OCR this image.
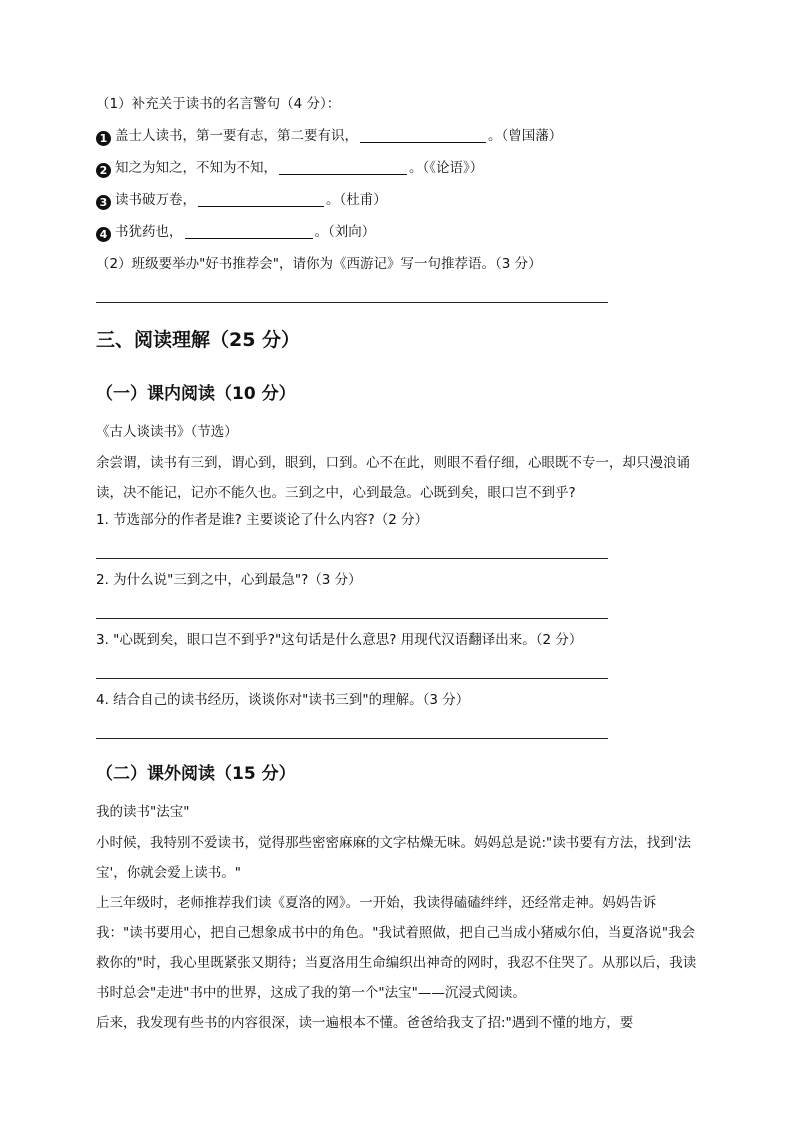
（1）补充关于读书的名言警句（4 分）：
1 盖士人读书，第一要有志，第二要有识，	。（曾国藩）
2 知之为知之，不知为不知，	。（《论语》）
3 读书破万卷，	。（杜甫）
4 书犹药也，	。（刘向）
（2）班级要举办"好书推荐会"，请你为《西游记》写一句推荐语。（3 分）
三、阅读理解（25 分）
（一）课内阅读（10 分）
《古人谈读书》（节选）
余尝谓，读书有三到，谓心到，眼到，口到。心不在此，则眼不看仔细，心眼既不专一，却只漫浪诵读，决不能记，记亦不能久也。三到之中，心到最急。心既到矣，眼口岂不到乎?
1. 节选部分的作者是谁? 主要谈论了什么内容?（2 分）
2. 为什么说"三到之中，心到最急"?（3 分）
3. "心既到矣，眼口岂不到乎?"这句话是什么意思? 用现代汉语翻译出来。（2 分）
4. 结合自己的读书经历，谈谈你对"读书三到"的理解。（3 分）
（二）课外阅读（15 分）
我的读书"法宝"
小时候，我特别不爱读书，觉得那些密密麻麻的文字枯燥无味。妈妈总是说:"读书要有方法，找到'法宝'，你就会爱上读书。"
上三年级时，老师推荐我们读《夏洛的网》。一开始，我读得磕磕绊绊，还经常走神。妈妈告诉我："读书要用心，把自己想象成书中的角色。"我试着照做，把自己当成小猪威尔伯，当夏洛说"我会救你的"时，我心里既紧张又期待；当夏洛用生命编织出神奇的网时，我忍不住哭了。从那以后，我读书时总会"走进"书中的世界，这成了我的第一个"法宝"——沉浸式阅读。
后来，我发现有些书的内容很深，读一遍根本不懂。爸爸给我支了招:"遇到不懂的地方，要
